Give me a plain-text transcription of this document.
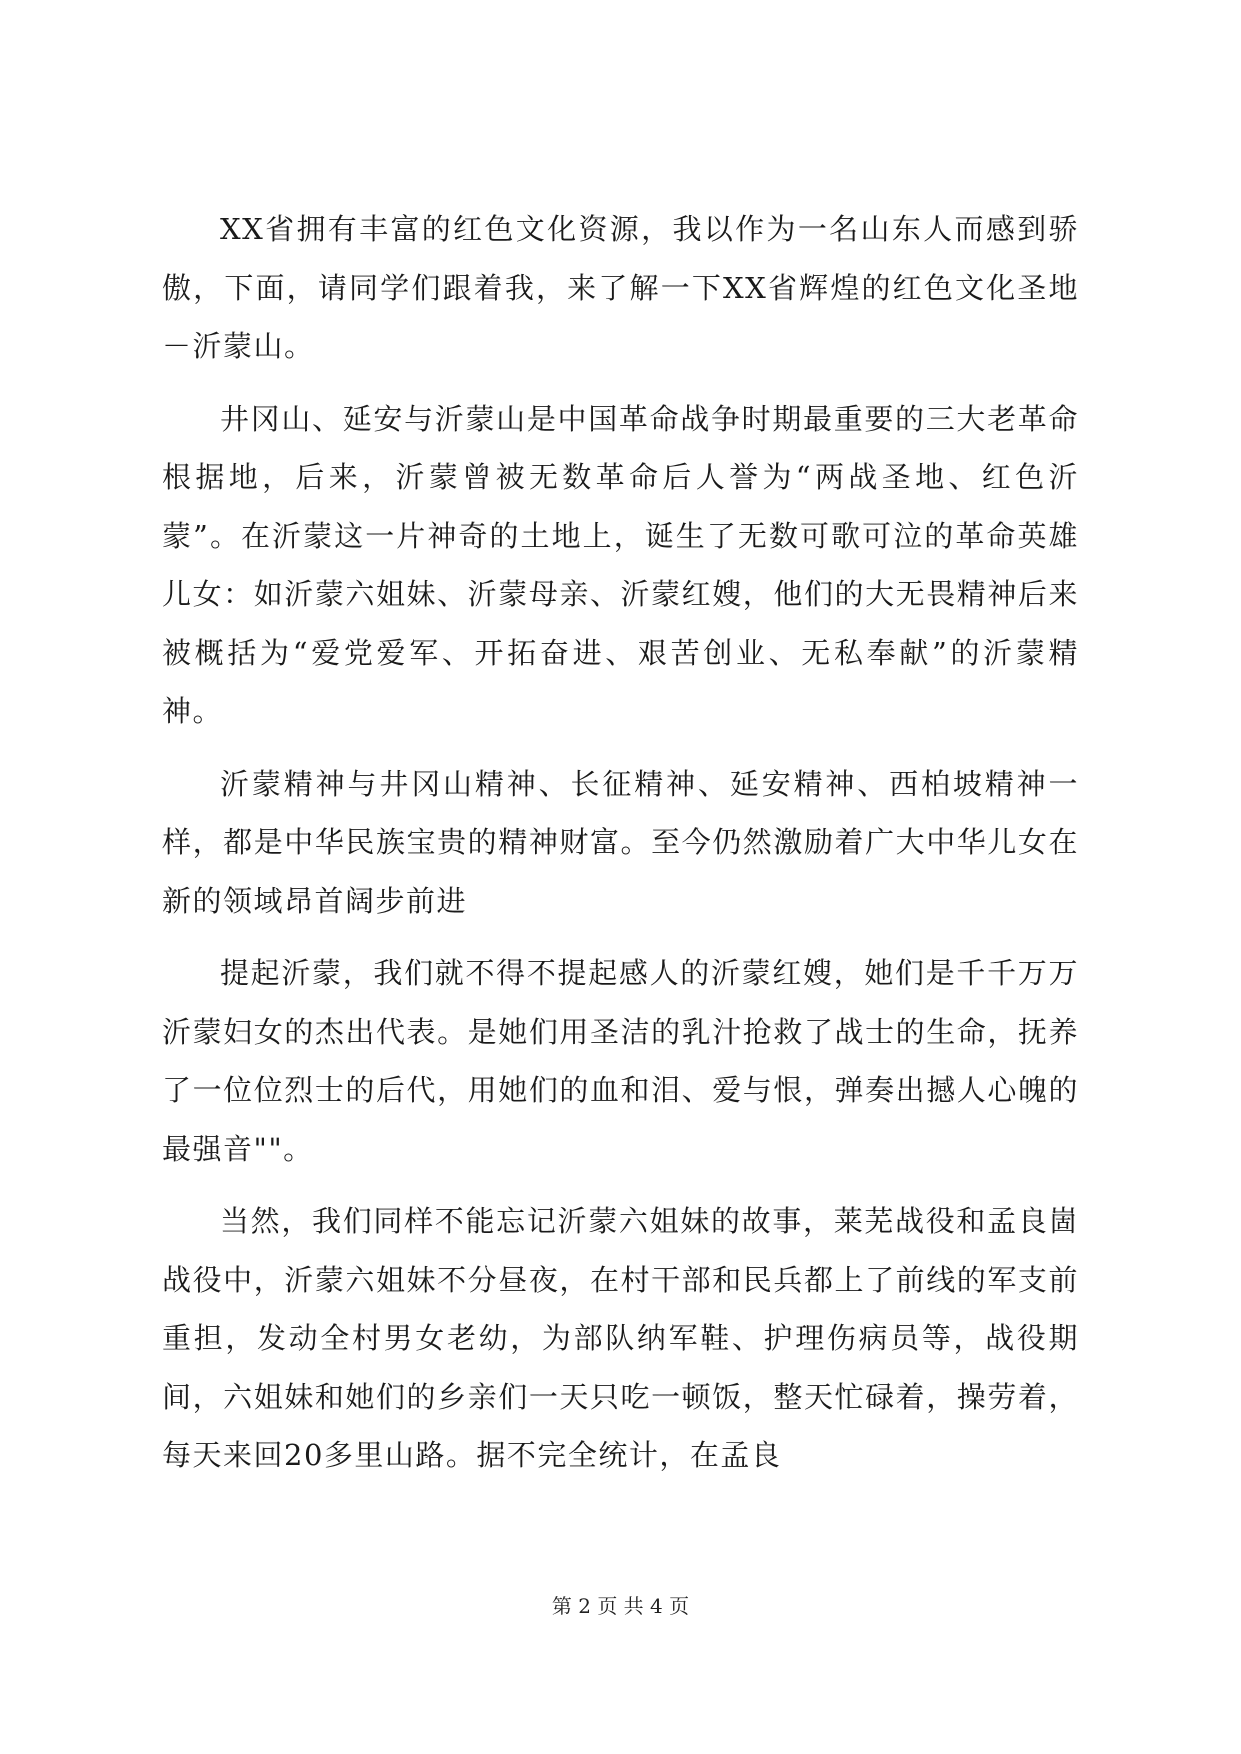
XX省拥有丰富的红色文化资源，我以作为一名山东人而感到骄傲，下面，请同学们跟着我，来了解一下XX省辉煌的红色文化圣地－沂蒙山。

井冈山、延安与沂蒙山是中国革命战争时期最重要的三大老革命根据地，后来，沂蒙曾被无数革命后人誉为“两战圣地、红色沂蒙”。在沂蒙这一片神奇的土地上，诞生了无数可歌可泣的革命英雄儿女：如沂蒙六姐妹、沂蒙母亲、沂蒙红嫂，他们的大无畏精神后来被概括为“爱党爱军、开拓奋进、艰苦创业、无私奉献”的沂蒙精神。

沂蒙精神与井冈山精神、长征精神、延安精神、西柏坡精神一样，都是中华民族宝贵的精神财富。至今仍然激励着广大中华儿女在新的领域昂首阔步前进

提起沂蒙，我们就不得不提起感人的沂蒙红嫂，她们是千千万万沂蒙妇女的杰出代表。是她们用圣洁的乳汁抢救了战士的生命，抚养了一位位烈士的后代，用她们的血和泪、爱与恨，弹奏出撼人心魄的最强音""。

当然，我们同样不能忘记沂蒙六姐妹的故事，莱芜战役和孟良崮战役中，沂蒙六姐妹不分昼夜，在村干部和民兵都上了前线的军支前重担，发动全村男女老幼，为部队纳军鞋、护理伤病员等，战役期间，六姐妹和她们的乡亲们一天只吃一顿饭，整天忙碌着，操劳着，每天来回20多里山路。据不完全统计，在孟良

第 2 页 共 4 页
